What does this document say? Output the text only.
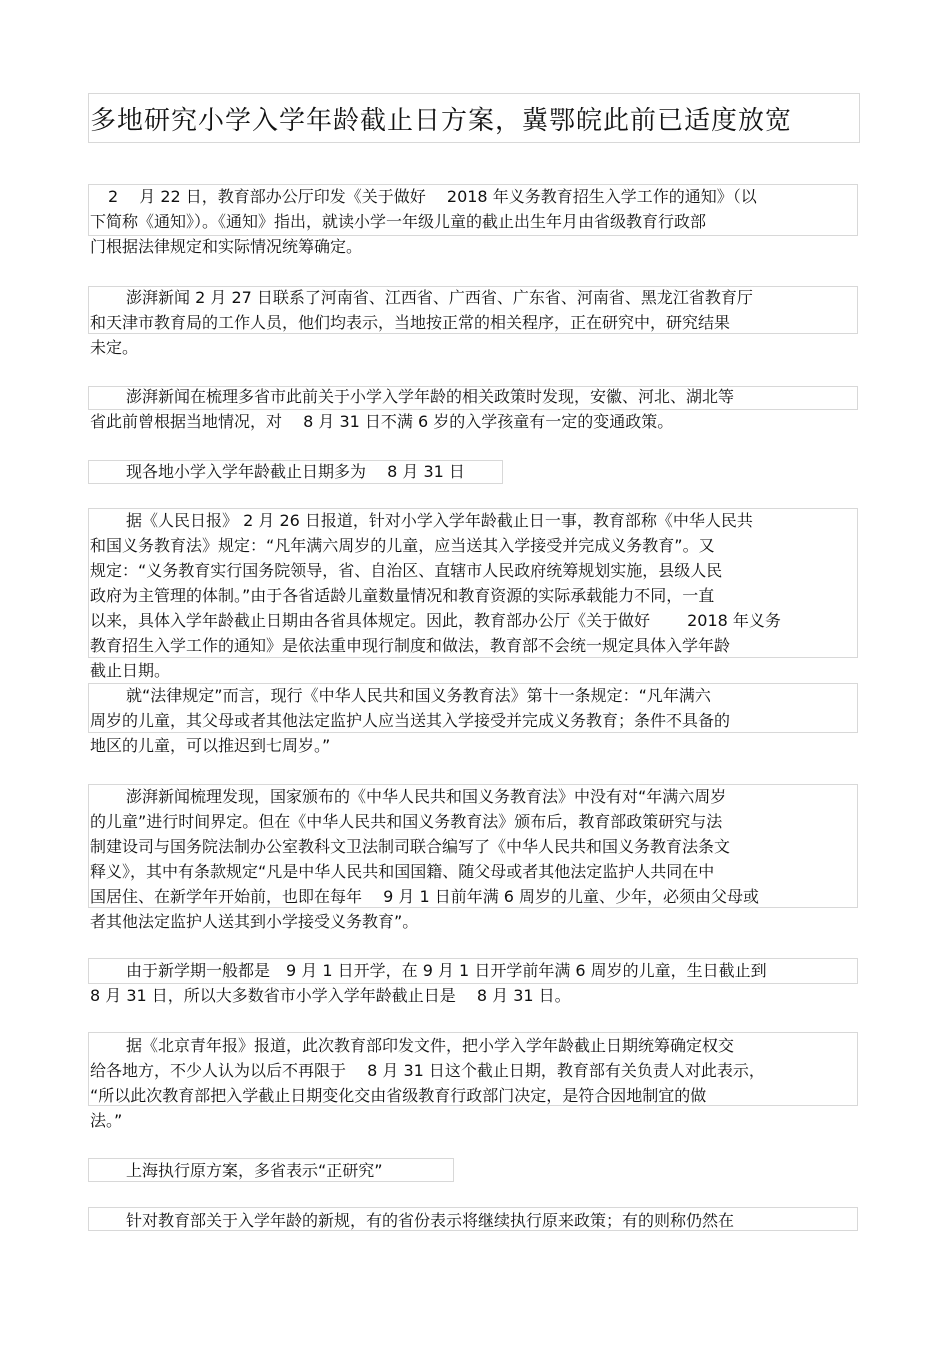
多地研究小学入学年龄截止日方案，冀鄂皖此前已适度放宽
2　 月 22 日，教育部办公厅印发《关于做好　 2018 年义务教育招生入学工作的通知》（以
下简称《通知》）。《通知》指出，就读小学一年级儿童的截止出生年月由省级教育行政部
门根据法律规定和实际情况统筹确定。
澎湃新闻 2 月 27 日联系了河南省、江西省、广西省、广东省、河南省、黑龙江省教育厅
和天津市教育局的工作人员，他们均表示，当地按正常的相关程序，正在研究中，研究结果
未定。
澎湃新闻在梳理多省市此前关于小学入学年龄的相关政策时发现，安徽、河北、湖北等
省此前曾根据当地情况，对　 8 月 31 日不满 6 岁的入学孩童有一定的变通政策。
现各地小学入学年龄截止日期多为　 8 月 31 日
据《人民日报》 2 月 26 日报道，针对小学入学年龄截止日一事，教育部称《中华人民共
和国义务教育法》规定：“凡年满六周岁的儿童，应当送其入学接受并完成义务教育”。又
规定：“义务教育实行国务院领导，省、自治区、直辖市人民政府统筹规划实施，县级人民
政府为主管理的体制。”由于各省适龄儿童数量情况和教育资源的实际承载能力不同，一直
以来，具体入学年龄截止日期由各省具体规定。因此，教育部办公厅《关于做好　　 2018 年义务
教育招生入学工作的通知》是依法重申现行制度和做法，教育部不会统一规定具体入学年龄
截止日期。
就“法律规定”而言，现行《中华人民共和国义务教育法》第十一条规定：“凡年满六
周岁的儿童，其父母或者其他法定监护人应当送其入学接受并完成义务教育；条件不具备的
地区的儿童，可以推迟到七周岁。”
澎湃新闻梳理发现，国家颁布的《中华人民共和国义务教育法》中没有对“年满六周岁
的儿童”进行时间界定。但在《中华人民共和国义务教育法》颁布后，教育部政策研究与法
制建设司与国务院法制办公室教科文卫法制司联合编写了《中华人民共和国义务教育法条文
释义》，其中有条款规定“凡是中华人民共和国国籍、随父母或者其他法定监护人共同在中
国居住、在新学年开始前，也即在每年　 9 月 1 日前年满 6 周岁的儿童、少年，必须由父母或
者其他法定监护人送其到小学接受义务教育”。
由于新学期一般都是　9 月 1 日开学，在 9 月 1 日开学前年满 6 周岁的儿童，生日截止到
8 月 31 日，所以大多数省市小学入学年龄截止日是　 8 月 31 日。
据《北京青年报》报道，此次教育部印发文件，把小学入学年龄截止日期统筹确定权交
给各地方，不少人认为以后不再限于　 8 月 31 日这个截止日期，教育部有关负责人对此表示，
“所以此次教育部把入学截止日期变化交由省级教育行政部门决定，是符合因地制宜的做
法。”
上海执行原方案，多省表示“正研究”
针对教育部关于入学年龄的新规，有的省份表示将继续执行原来政策；有的则称仍然在
